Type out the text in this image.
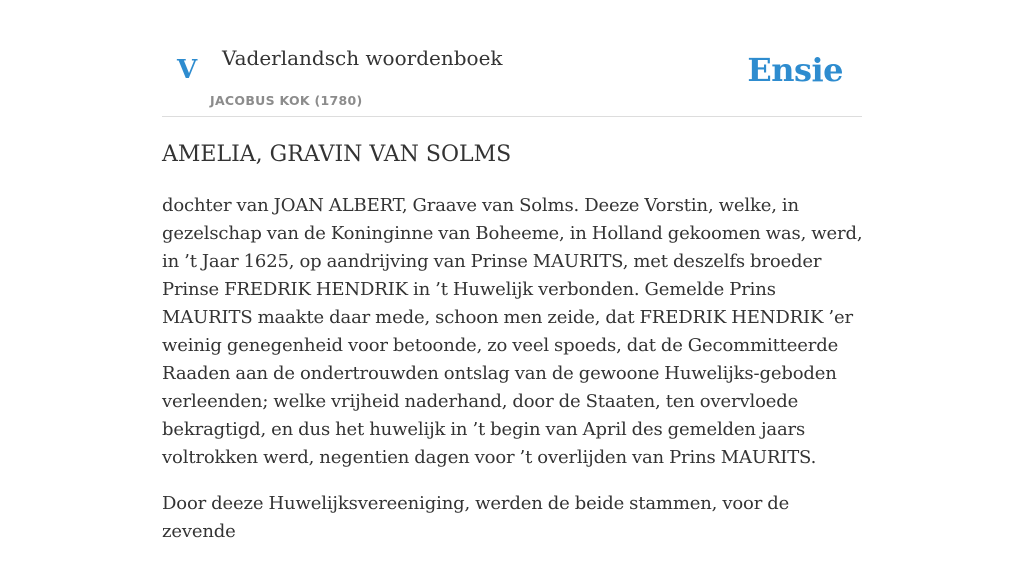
V Vaderlandsch woordenboek
JACOBUS KOK (1780)
Ensie
AMELIA, GRAVIN VAN SOLMS

dochter van JOAN ALBERT, Graave van Solms. Deeze Vorstin, welke, in gezelschap van de Koninginne van Boheeme, in Holland gekoomen was, werd, in ’t Jaar 1625, op aandrijving van Prinse MAURITS, met deszelfs broeder Prinse FREDRIK HENDRIK in ’t Huwelijk verbonden. Gemelde Prins MAURITS maakte daar mede, schoon men zeide, dat FREDRIK HENDRIK ’er weinig genegenheid voor betoonde, zo veel spoeds, dat de Gecommitteerde Raaden aan de ondertrouwden ontslag van de gewoone Huwelijks-geboden verleenden; welke vrijheid naderhand, door de Staaten, ten overvloede bekragtigd, en dus het huwelijk in ’t begin van April des gemelden jaars voltrokken werd, negentien dagen voor ’t overlijden van Prins MAURITS.

Door deeze Huwelijksvereeniging, werden de beide stammen, voor de zevende
